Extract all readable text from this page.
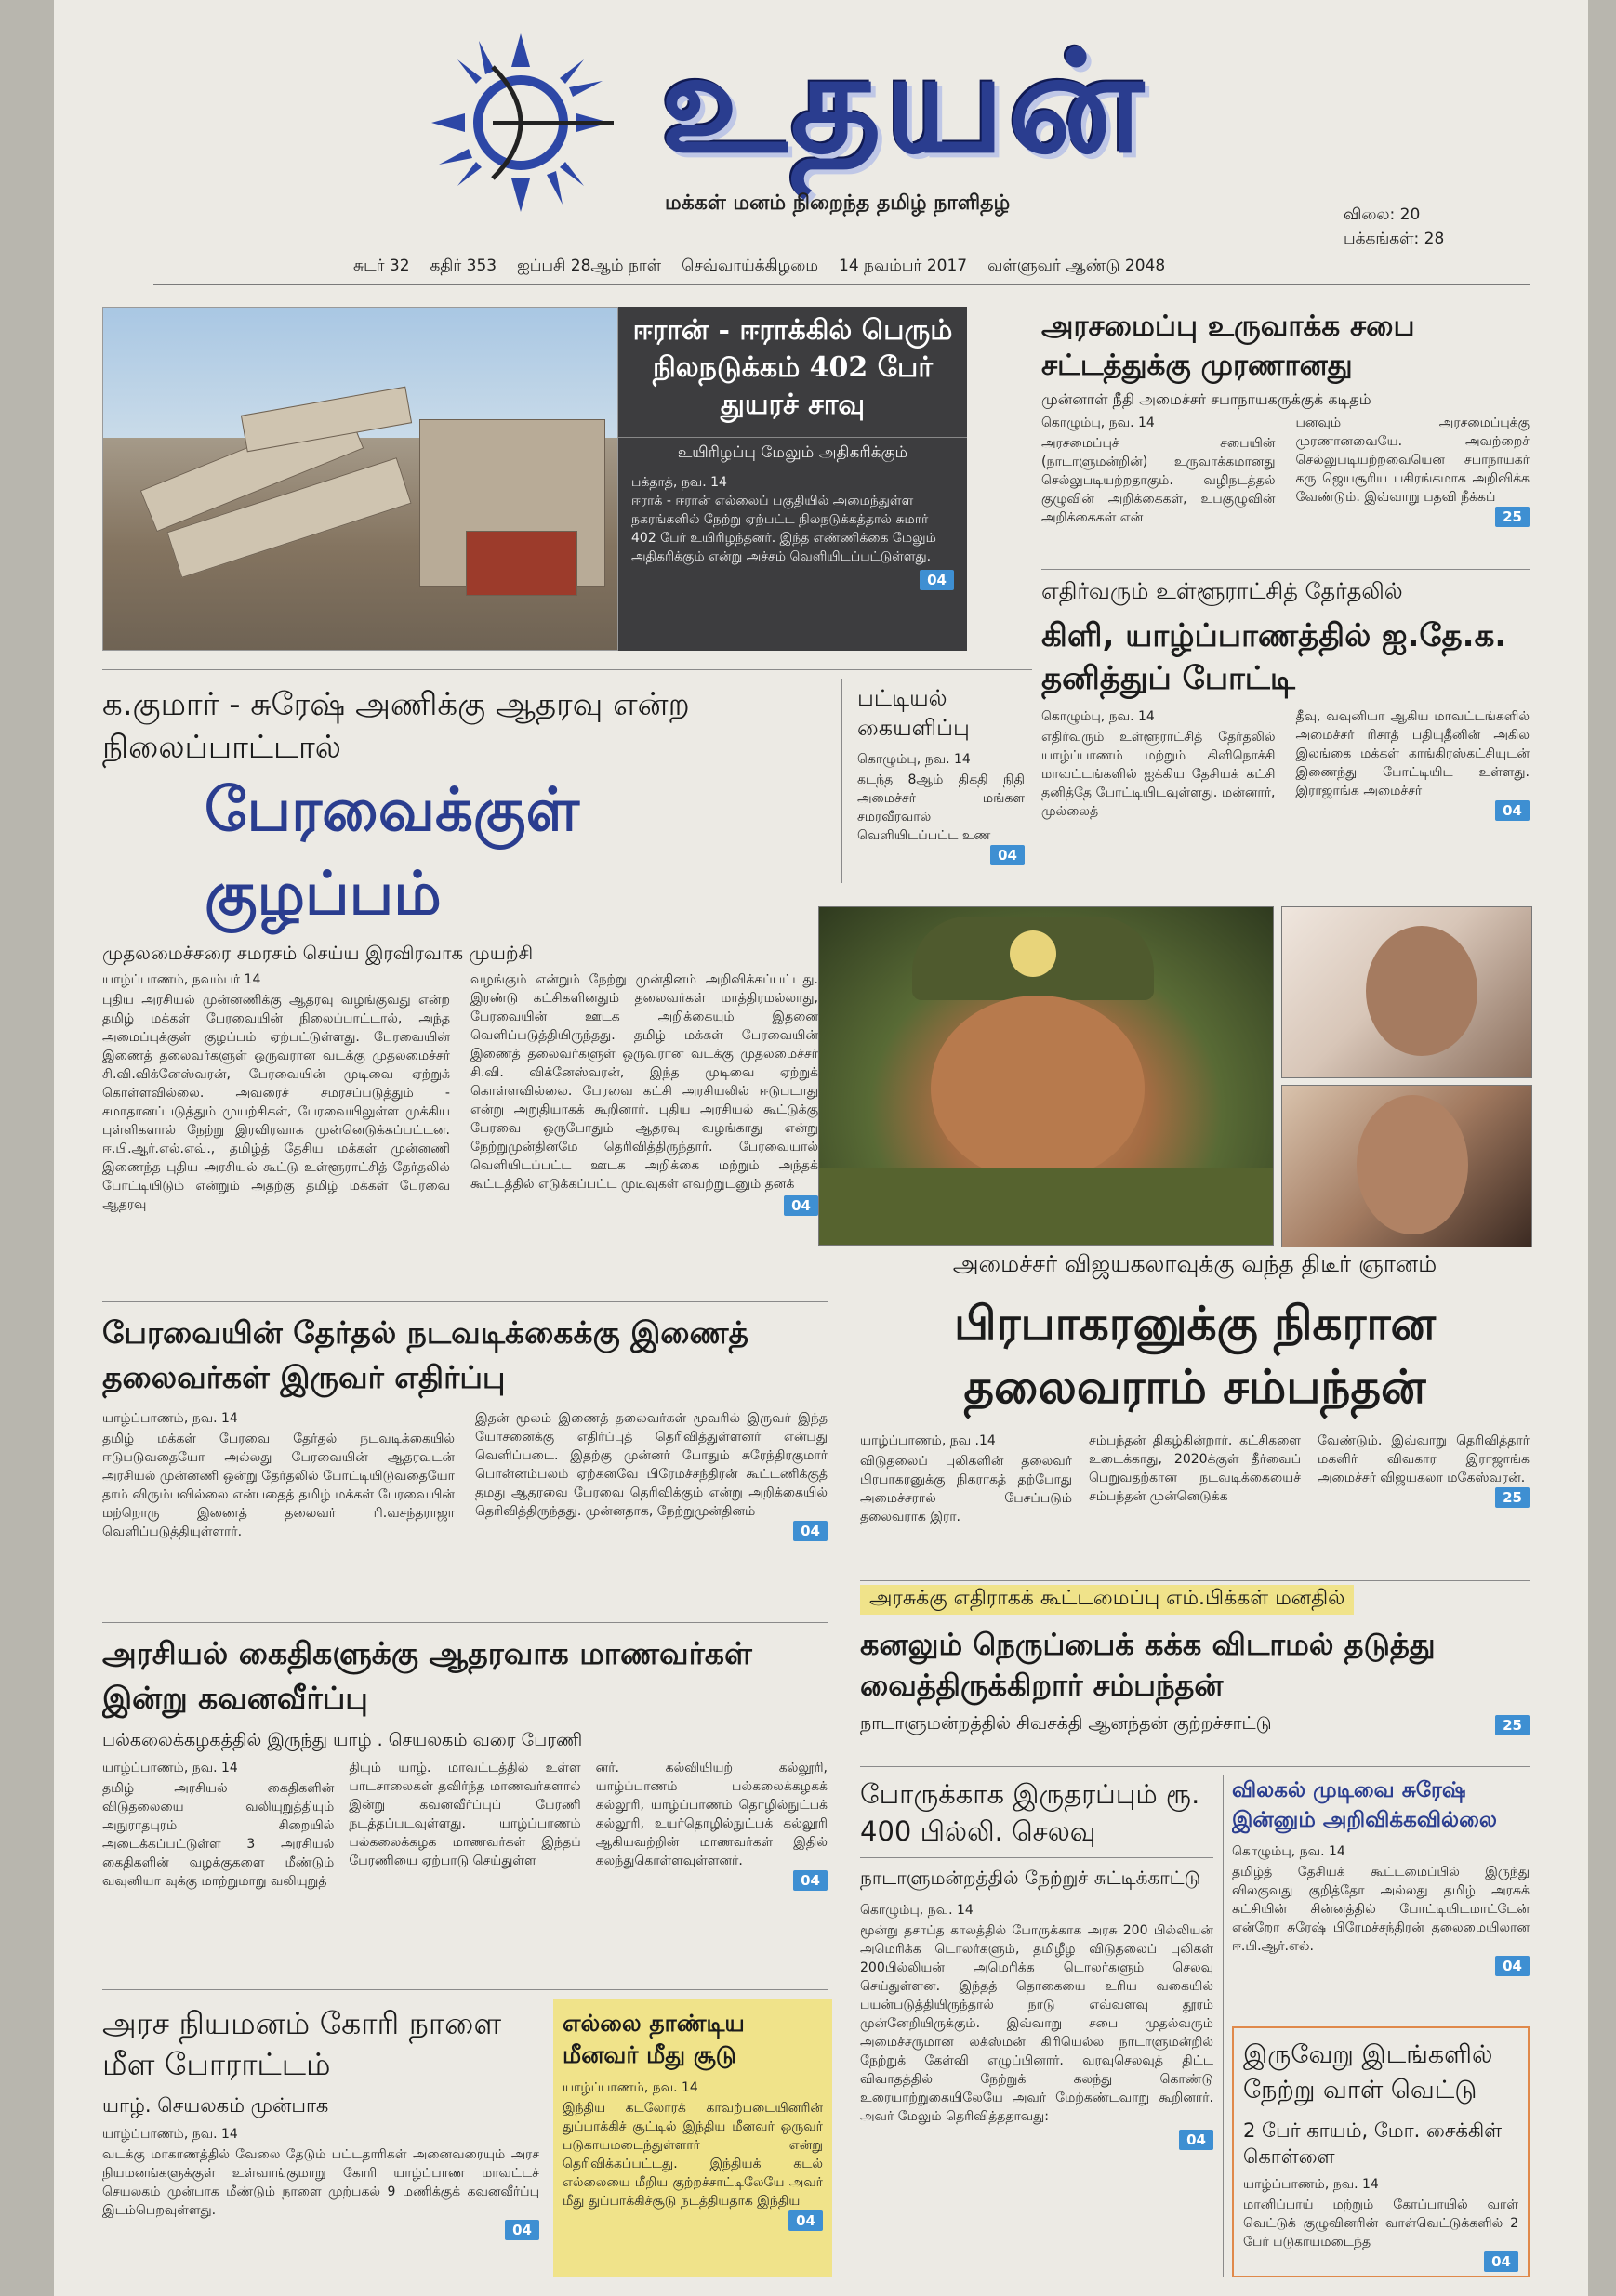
உதயன்
மக்கள் மனம் நிறைந்த தமிழ் நாளிதழ்	விலை: 20
பக்கங்கள்: 28
சுடர் 32 கதிர் 353 ஐப்பசி 28ஆம் நாள் செவ்வாய்க்கிழமை 14 நவம்பர் 2017 வள்ளுவர் ஆண்டு 2048
ஈரான் - ஈராக்கில் பெரும் நிலநடுக்கம் 402 பேர் துயரச் சாவு
உயிரிழப்பு மேலும் அதிகரிக்கும்
பக்தாத், நவ. 14
ஈராக் - ஈரான் எல்லைப் பகுதியில் அமைந்துள்ள நகரங்களில் நேற்று ஏற்பட்ட நிலநடுக்கத்தால் சுமார் 402 பேர் உயிரிழந்தனர். இந்த எண்ணிக்கை மேலும் அதிகரிக்கும் என்று அச்சம் வெளியிடப்பட்டுள்ளது.
04
அரசமைப்பு உருவாக்க சபை சட்டத்துக்கு முரணானது
முன்னாள் நீதி அமைச்சர் சபாநாயகருக்குக் கடிதம்
கொழும்பு, நவ. 14
அரசமைப்புச் சபையின் (நாடாளுமன்றின்) உருவாக்கமானது செல்லுபடியற்றதாகும். வழிநடத்தல் குழுவின் அறிக்கைகள், உபகுழுவின் அறிக்கைகள் என்
பனவும் அரசமைப்புக்கு முரணானவையே. அவற்றைச் செல்லுபடியற்றவையென சபாநாயகர் கரு ஜெயசூரிய பகிரங்கமாக அறிவிக்க வேண்டும். இவ்வாறு பதவி நீக்கப்
25
எதிர்வரும் உள்ளூராட்சித் தேர்தலில்
கிளி, யாழ்ப்பாணத்தில் ஐ.தே.க. தனித்துப் போட்டி
கொழும்பு, நவ. 14
எதிர்வரும் உள்ளூராட்சித் தேர்தலில் யாழ்ப்பாணம் மற்றும் கிளிநொச்சி மாவட்டங்களில் ஐக்கிய தேசியக் கட்சி தனித்தே போட்டியிடவுள்ளது. மன்னார், முல்லைத்
தீவு, வவுனியா ஆகிய மாவட்டங்களில் அமைச்சர் ரிசாத் பதியுதீனின் அகில இலங்கை மக்கள் காங்கிரஸ்கட்சியுடன் இணைந்து போட்டியிட உள்ளது. இராஜாங்க அமைச்சர்
04
க.குமார் - சுரேஷ் அணிக்கு ஆதரவு என்ற நிலைப்பாட்டால்
பேரவைக்குள் குழப்பம்
முதலமைச்சரை சமரசம் செய்ய இரவிரவாக முயற்சி
யாழ்ப்பாணம், நவம்பர் 14
புதிய அரசியல் முன்னணிக்கு ஆதரவு வழங்குவது என்ற தமிழ் மக்கள் பேரவையின் நிலைப்பாட்டால், அந்த அமைப்புக்குள் குழப்பம் ஏற்பட்டுள்ளது. பேரவையின் இணைத் தலைவர்களுள் ஒருவரான வடக்கு முதலமைச்சர் சி.வி.விக்னேஸ்வரன், பேரவையின் முடிவை ஏற்றுக் கொள்ளவில்லை. அவரைச் சமரசப்படுத்தும் - சமாதானப்படுத்தும் முயற்சிகள், பேரவையிலுள்ள முக்கிய புள்ளிகளால் நேற்று இரவிரவாக முன்னெடுக்கப்பட்டன. ஈ.பி.ஆர்.எல்.எவ்., தமிழ்த் தேசிய மக்கள் முன்னணி இணைந்த புதிய அரசியல் கூட்டு உள்ளூராட்சித் தேர்தலில் போட்டியிடும் என்றும் அதற்கு தமிழ் மக்கள் பேரவை ஆதரவு
வழங்கும் என்றும் நேற்று முன்தினம் அறிவிக்கப்பட்டது. இரண்டு கட்சிகளினதும் தலைவர்கள் மாத்திரமல்லாது, பேரவையின் ஊடக அறிக்கையும் இதனை வெளிப்படுத்தியிருந்தது. தமிழ் மக்கள் பேரவையின் இணைத் தலைவர்களுள் ஒருவரான வடக்கு முதலமைச்சர் சி.வி. விக்னேஸ்வரன், இந்த முடிவை ஏற்றுக் கொள்ளவில்லை. பேரவை கட்சி அரசியலில் ஈடுபடாது என்று அறுதியாகக் கூறினார். புதிய அரசியல் கூட்டுக்கு பேரவை ஒருபோதும் ஆதரவு வழங்காது என்று நேற்றுமுன்தினமே தெரிவித்திருந்தார். பேரவையால் வெளியிடப்பட்ட ஊடக அறிக்கை மற்றும் அந்தக் கூட்டத்தில் எடுக்கப்பட்ட முடிவுகள் எவற்றுடனும் தனக்
04
பட்டியல் கையளிப்பு
கொழும்பு, நவ. 14
கடந்த 8ஆம் திகதி நிதி அமைச்சர் மங்கள சமரவீரவால் வெளியிடப்பட்ட உண
04
அமைச்சர் விஜயகலாவுக்கு வந்த திடீர் ஞானம்
பிரபாகரனுக்கு நிகரான தலைவராம் சம்பந்தன்
யாழ்ப்பாணம், நவ .14
விடுதலைப் புலிகளின் தலைவர் பிரபாகரனுக்கு நிகராகத் தற்போது அமைச்சரால் பேசப்படும் தலைவராக இரா.
சம்பந்தன் திகழ்கின்றார். கட்சிகளை உடைக்காது, 2020க்குள் தீர்வைப் பெறுவதற்கான நடவடிக்கையைச் சம்பந்தன் முன்னெடுக்க
வேண்டும். இவ்வாறு தெரிவித்தார் மகளிர் விவகார இராஜாங்க அமைச்சர் விஜயகலா மகேஸ்வரன்.
25
பேரவையின் தேர்தல் நடவடிக்கைக்கு இணைத் தலைவர்கள் இருவர் எதிர்ப்பு
யாழ்ப்பாணம், நவ. 14
தமிழ் மக்கள் பேரவை தேர்தல் நடவடிக்கையில் ஈடுபடுவதையோ அல்லது பேரவையின் ஆதரவுடன் அரசியல் முன்னணி ஒன்று தேர்தலில் போட்டியிடுவதையோ தாம் விரும்பவில்லை என்பதைத் தமிழ் மக்கள் பேரவையின் மற்றொரு இணைத் தலைவர் ரி.வசந்தராஜா வெளிப்படுத்தியுள்ளார்.
இதன் மூலம் இணைத் தலைவர்கள் மூவரில் இருவர் இந்த யோசனைக்கு எதிர்ப்புத் தெரிவித்துள்ளனர் என்பது வெளிப்படை. இதற்கு முன்னர் போதும் சுரேந்திரகுமார் பொன்னம்பலம் ஏற்கனவே பிரேமச்சந்திரன் கூட்டணிக்குத் தமது ஆதரவை பேரவை தெரிவிக்கும் என்று அறிக்கையில் தெரிவித்திருந்தது. முன்னதாக, நேற்றுமுன்தினம்
04
அரசுக்கு எதிராகக் கூட்டமைப்பு எம்.பிக்கள் மனதில்
கனலும் நெருப்பைக் கக்க விடாமல் தடுத்து வைத்திருக்கிறார் சம்பந்தன்
நாடாளுமன்றத்தில் சிவசக்தி ஆனந்தன் குற்றச்சாட்டு	25
அரசியல் கைதிகளுக்கு ஆதரவாக மாணவர்கள் இன்று கவனவீர்ப்பு
பல்கலைக்கழகத்தில் இருந்து யாழ் . செயலகம் வரை பேரணி
யாழ்ப்பாணம், நவ. 14
தமிழ் அரசியல் கைதிகளின் விடுதலையை வலியுறுத்தியும் அநுராதபுரம் சிறையில் அடைக்கப்பட்டுள்ள 3 அரசியல் கைதிகளின் வழக்குகளை மீண்டும் வவுனியா வுக்கு மாற்றுமாறு வலியுறுத்
தியும் யாழ். மாவட்டத்தில் உள்ள பாடசாலைகள் தவிர்ந்த மாணவர்களால் இன்று கவனவீர்ப்புப் பேரணி நடத்தப்படவுள்ளது. யாழ்ப்பாணம் பல்கலைக்கழக மாணவர்கள் இந்தப் பேரணியை ஏற்பாடு செய்துள்ள
னர். கல்வியியற் கல்லூரி, யாழ்ப்பாணம் பல்கலைக்கழகக் கல்லூரி, யாழ்ப்பாணம் தொழில்நுட்பக் கல்லூரி, உயர்தொழில்நுட்பக் கல்லூரி ஆகியவற்றின் மாணவர்கள் இதில் கலந்துகொள்ளவுள்ளனர்.
04
போருக்காக இருதரப்பும் ரூ. 400 பில்லி. செலவு
நாடாளுமன்றத்தில் நேற்றுச் சுட்டிக்காட்டு
கொழும்பு, நவ. 14
மூன்று தசாப்த காலத்தில் போருக்காக அரசு 200 பில்லியன் அமெரிக்க டொலர்களும், தமிழீழ விடுதலைப் புலிகள் 200பில்லியன் அமெரிக்க டொலர்களும் செலவு செய்துள்ளன. இந்தத் தொகையை உரிய வகையில் பயன்படுத்தியிருந்தால் நாடு எவ்வளவு தூரம் முன்னேறியிருக்கும். இவ்வாறு சபை முதல்வரும் அமைச்சருமான லக்ஸ்மன் கிரியெல்ல நாடாளுமன்றில் நேற்றுக் கேள்வி எழுப்பினார். வரவுசெலவுத் திட்ட விவாதத்தில் நேற்றுக் கலந்து கொண்டு உரையாற்றுகையிலேயே அவர் மேற்கண்டவாறு கூறினார். அவர் மேலும் தெரிவித்ததாவது:
04
விலகல் முடிவை சுரேஷ் இன்னும் அறிவிக்கவில்லை
கொழும்பு, நவ. 14
தமிழ்த் தேசியக் கூட்டமைப்பில் இருந்து விலகுவது குறித்தோ அல்லது தமிழ் அரசுக் கட்சியின் சின்னத்தில் போட்டியிடமாட்டேன் என்றோ சுரேஷ் பிரேமச்சந்திரன் தலைமையிலான ஈ.பி.ஆர்.எல்.
04
இருவேறு இடங்களில் நேற்று வாள் வெட்டு
2 பேர் காயம், மோ. சைக்கிள் கொள்ளை
யாழ்ப்பாணம், நவ. 14
மானிப்பாய் மற்றும் கோப்பாயில் வாள் வெட்டுக் குழுவினரின் வாள்வெட்டுக்களில் 2 பேர் படுகாயமடைந்த
04
அரச நியமனம் கோரி நாளை மீள போராட்டம்
யாழ். செயலகம் முன்பாக
யாழ்ப்பாணம், நவ. 14
வடக்கு மாகாணத்தில் வேலை தேடும் பட்டதாரிகள் அனைவரையும் அரச நியமனங்களுக்குள் உள்வாங்குமாறு கோரி யாழ்ப்பாண மாவட்டச் செயலகம் முன்பாக மீண்டும் நாளை முற்பகல் 9 மணிக்குக் கவனவீர்ப்பு இடம்பெறவுள்ளது.
04
எல்லை தாண்டிய மீனவர் மீது சூடு
யாழ்ப்பாணம், நவ. 14
இந்திய கடலோரக் காவற்படையினரின் துப்பாக்கிச் சூட்டில் இந்திய மீனவர் ஒருவர் படுகாயமடைந்துள்ளார் என்று தெரிவிக்கப்பட்டது. இந்தியக் கடல் எல்லையை மீறிய குற்றச்சாட்டிலேயே அவர் மீது துப்பாக்கிச்சூடு நடத்தியதாக இந்திய
04
